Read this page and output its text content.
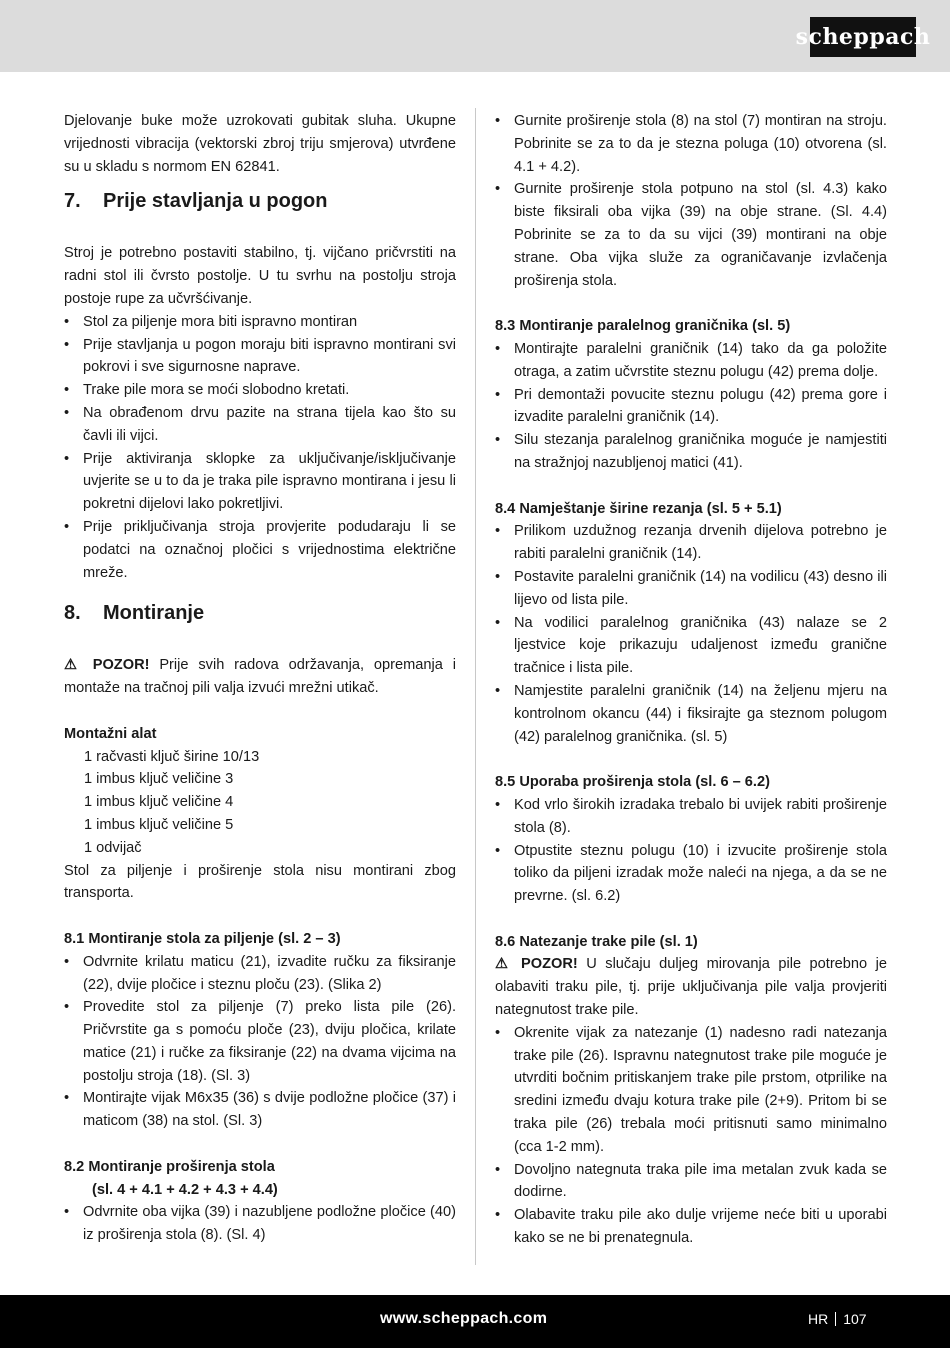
scheppach

Djelovanje buke može uzrokovati gubitak sluha. Ukupne vrijednosti vibracija (vektorski zbroj triju smjerova) utvrđene su u skladu s normom EN 62841.

7. Prije stavljanja u pogon

Stroj je potrebno postaviti stabilno, tj. vijčano pričvrstiti na radni stol ili čvrsto postolje. U tu svrhu na postolju stroja postoje rupe za učvršćivanje.

• Stol za piljenje mora biti ispravno montiran
• Prije stavljanja u pogon moraju biti ispravno montirani svi pokrovi i sve sigurnosne naprave.
• Trake pile mora se moći slobodno kretati.
• Na obrađenom drvu pazite na strana tijela kao što su čavli ili vijci.
• Prije aktiviranja sklopke za uključivanje/isključivanje uvjerite se u to da je traka pile ispravno montirana i jesu li pokretni dijelovi lako pokretljivi.
• Prije priključivanja stroja provjerite podudaraju li se podatci na označnoj pločici s vrijednostima električne mreže.
8. Montiranje

⚠ POZOR! Prije svih radova održavanja, opremanja i montaže na tračnoj pili valja izvući mrežni utikač.

Montažni alat

1 račvasti ključ širine 10/13
1 imbus ključ veličine 3
1 imbus ključ veličine 4
1 imbus ključ veličine 5
1 odvijač

Stol za piljenje i proširenje stola nisu montirani zbog transporta.

8.1 Montiranje stola za piljenje (sl. 2 – 3)

• Odvrnite krilatu maticu (21), izvadite ručku za fiksiranje (22), dvije pločice i steznu ploču (23). (Slika 2)
• Provedite stol za piljenje (7) preko lista pile (26). Pričvrstite ga s pomoću ploče (23), dviju pločica, krilate matice (21) i ručke za fiksiranje (22) na dvama vijcima na postolju stroja (18). (Sl. 3)
• Montirajte vijak M6x35 (36) s dvije podložne pločice (37) i maticom (38) na stol. (Sl. 3)

8.2 Montiranje proširenja stola

(sl. 4 + 4.1 + 4.2 + 4.3 + 4.4)

• Odvrnite oba vijka (39) i nazubljene podložne pločice (40) iz proširenja stola (8). (Sl. 4)
• Gurnite proširenje stola (8) na stol (7) montiran na stroju. Pobrinite se za to da je stezna poluga (10) otvorena (sl. 4.1 + 4.2).
• Gurnite proširenje stola potpuno na stol (sl. 4.3) kako biste fiksirali oba vijka (39) na obje strane. (Sl. 4.4) Pobrinite se za to da su vijci (39) montirani na obje strane. Oba vijka služe za ograničavanje izvlačenja proširenja stola.

8.3 Montiranje paralelnog graničnika (sl. 5)

• Montirajte paralelni graničnik (14) tako da ga položite otraga, a zatim učvrstite steznu polugu (42) prema dolje.
• Pri demontaži povucite steznu polugu (42) prema gore i izvadite paralelni graničnik (14).
• Silu stezanja paralelnog graničnika moguće je namjestiti na stražnjoj nazubljenoj matici (41).

8.4 Namještanje širine rezanja (sl. 5 + 5.1)

• Prilikom uzdužnog rezanja drvenih dijelova potrebno je rabiti paralelni graničnik (14).
• Postavite paralelni graničnik (14) na vodilicu (43) desno ili lijevo od lista pile.
• Na vodilici paralelnog graničnika (43) nalaze se 2 ljestvice koje prikazuju udaljenost između graničnе tračnice i lista pile.
• Namjestite paralelni graničnik (14) na željenu mjeru na kontrolnom okancu (44) i fiksirajte ga steznom polugom (42) paralelnog graničnika. (sl. 5)

8.5 Uporaba proširenja stola (sl. 6 – 6.2)

• Kod vrlo širokih izradaka trebalo bi uvijek rabiti proširenje stola (8).
• Otpustite steznu polugu (10) i izvucite proširenje stola toliko da piljeni izradak može naleći na njega, a da se ne prevrne. (sl. 6.2)

8.6 Natezanje trake pile (sl. 1)

⚠ POZOR! U slučaju duljeg mirovanja pile potrebno je olabaviti traku pile, tj. prije uključivanja pile valja provjeriti nategnutost trake pile.

• Okrenite vijak za natezanje (1) nadesno radi natezanja trake pile (26). Ispravnu nategnutost trake pile moguće je utvrditi bočnim pritiskanjem trake pile prstom, otprilike na sredini između dvaju kotura trake pile (2+9). Pritom bi se traka pile (26) trebala moći pritisnuti samo minimalno (cca 1-2 mm).
• Dovoljno nategnuta traka pile ima metalan zvuk kada se dodirne.
• Olabavite traku pile ako dulje vrijeme neće biti u uporabi kako se ne bi prenategnula.
www.scheppach.com	HR 107
